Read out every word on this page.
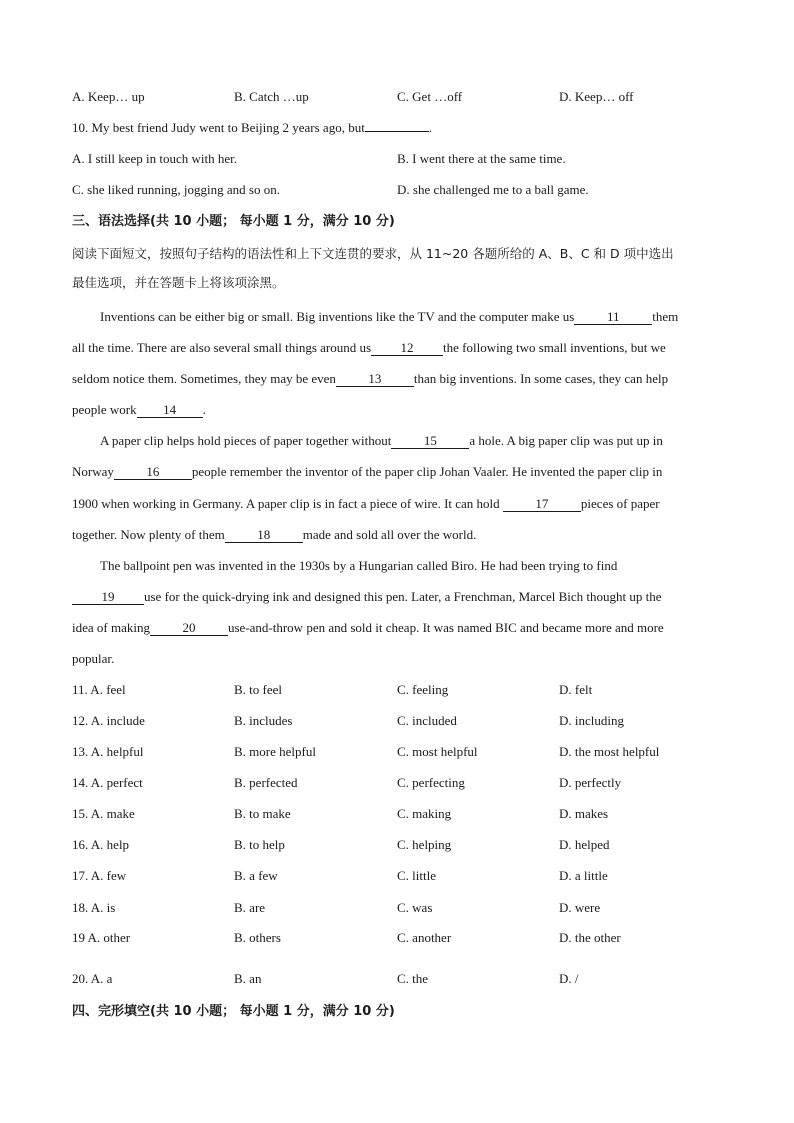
A. Keep… up	B. Catch …up	C. Get …off	D. Keep… off
10. My best friend Judy went to Beijing 2 years ago, but	.
A. I still keep in touch with her.	B. I went there at the same time.
C. she liked running, jogging and so on.	D. she challenged me to a ball game.
三、语法选择(共 10 小题； 每小题 1 分，满分 10 分)
阅读下面短文，按照句子结构的语法性和上下文连贯的要求，从 11~20 各题所给的 A、B、C 和 D 项中选出
最佳选项，并在答题卡上将该项涂黑。
Inventions can be either big or small. Big inventions like the TV and the computer make us	11	them
all the time. There are also several small things around us 12 the following two small inventions, but we
seldom notice them. Sometimes, they may be even	13	than big inventions. In some cases, they can help
people work 14 .
A paper clip helps hold pieces of paper together without	15	a hole. A big paper clip was put up in
Norway	16	people remember the inventor of the paper clip Johan Vaaler. He invented the paper clip in
1900 when working in Germany. A paper clip is in fact a piece of wire. It can hold	17	pieces of paper
together. Now plenty of them	18	made and sold all over the world.
The ballpoint pen was invented in the 1930s by a Hungarian called Biro. He had been trying to find
19 use for the quick-drying ink and designed this pen. Later, a Frenchman, Marcel Bich thought up the
idea of making	20	use-and-throw pen and sold it cheap. It was named BIC and became more and more
popular.
11. A. feel	B. to feel	C. feeling	D. felt
12. A. include	B. includes	C. included	D. including
13. A. helpful	B. more helpful	C. most helpful	D. the most helpful
14. A. perfect	B. perfected	C. perfecting	D. perfectly
15. A. make	B. to make	C. making	D. makes
16. A. help	B. to help	C. helping	D. helped
17. A. few	B. a few	C. little	D. a little
18. A. is	B. are	C. was	D. were
19 A. other	B. others	C. another	D. the other
20. A. a	B. an	C. the	D. /
四、完形填空(共 10 小题； 每小题 1 分，满分 10 分)
